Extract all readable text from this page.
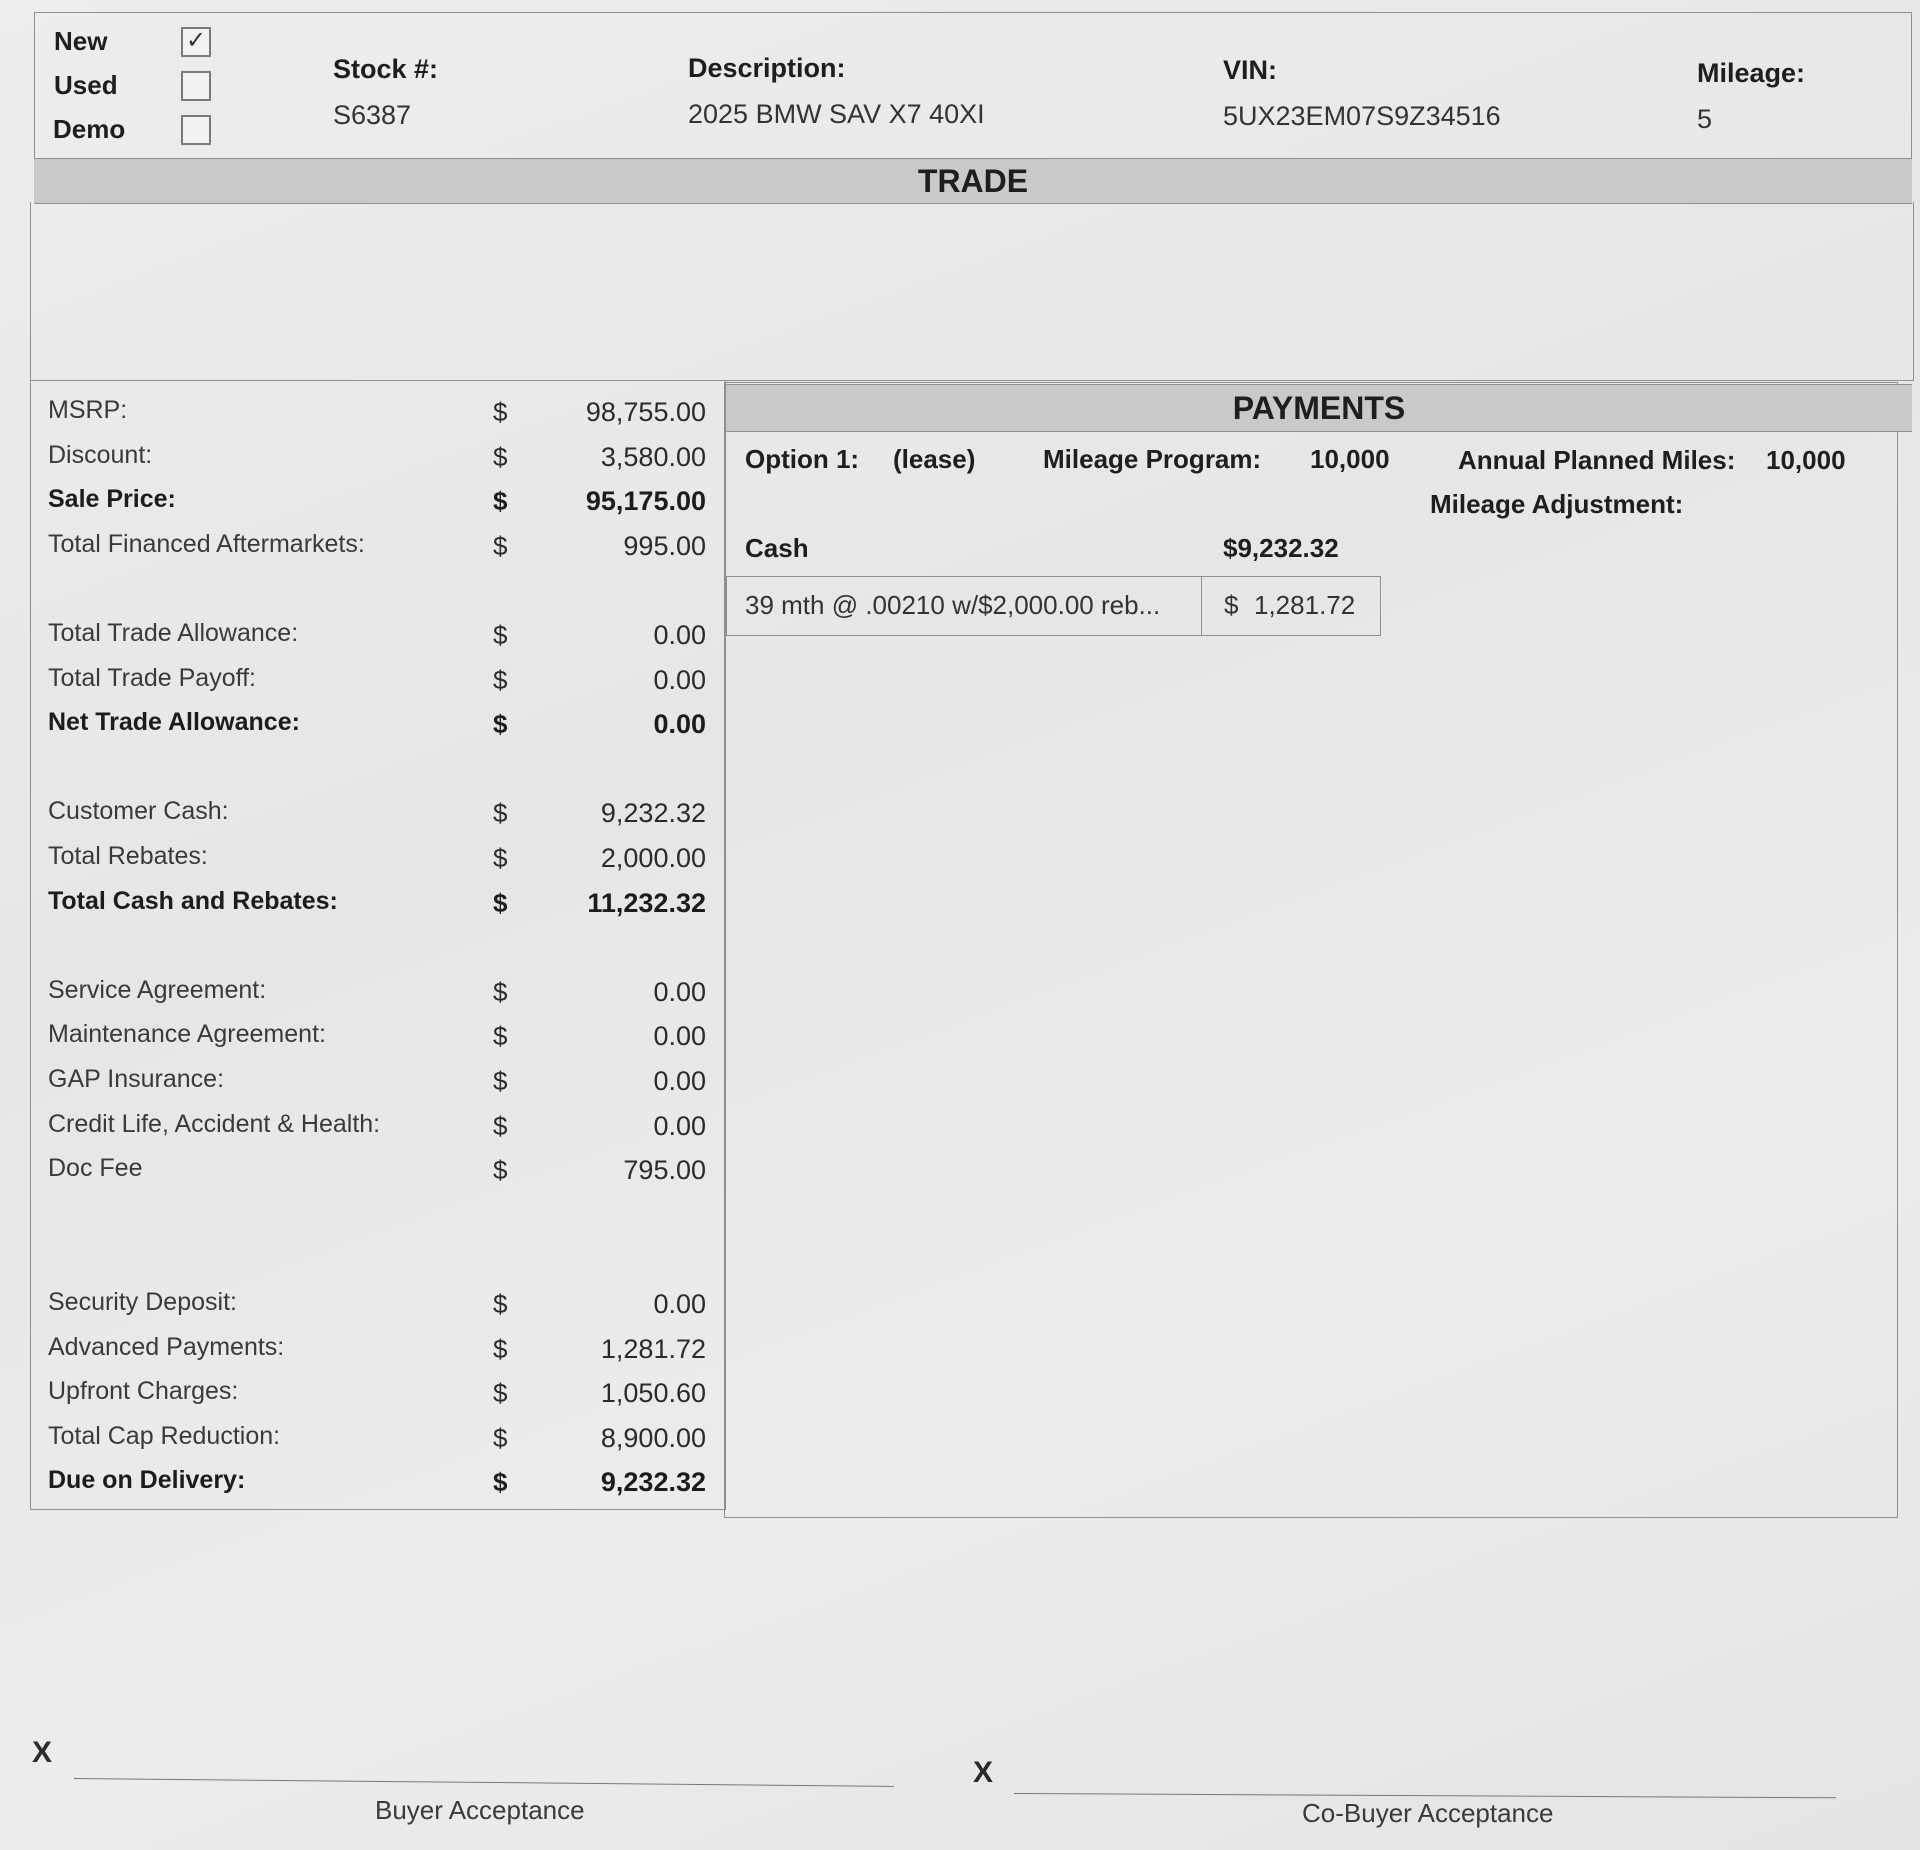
New
✓
Used
Demo
Stock #:
S6387
Description:
2025 BMW SAV X7 40XI
VIN:
5UX23EM07S9Z34516
Mileage:
5
TRADE
MSRP:	$	98,755.00
Discount:	$	3,580.00
Sale Price:	$	95,175.00
Total Financed Aftermarkets:	$	995.00
Total Trade Allowance:	$	0.00
Total Trade Payoff:	$	0.00
Net Trade Allowance:	$	0.00
Customer Cash:	$	9,232.32
Total Rebates:	$	2,000.00
Total Cash and Rebates:	$	11,232.32
Service Agreement:	$	0.00
Maintenance Agreement:	$	0.00
GAP Insurance:	$	0.00
Credit Life, Accident & Health:	$	0.00
Doc Fee	$	795.00
Security Deposit:	$	0.00
Advanced Payments:	$	1,281.72
Upfront Charges:	$	1,050.60
Total Cap Reduction:	$	8,900.00
Due on Delivery:	$	9,232.32
PAYMENTS
Option 1: (lease)	Mileage Program: 10,000	Annual Planned Miles: 10,000
Mileage Adjustment:
Cash	$9,232.32
39 mth @ .00210 w/$2,000.00 reb... $ 1,281.72
X
Buyer Acceptance
X
Co-Buyer Acceptance
